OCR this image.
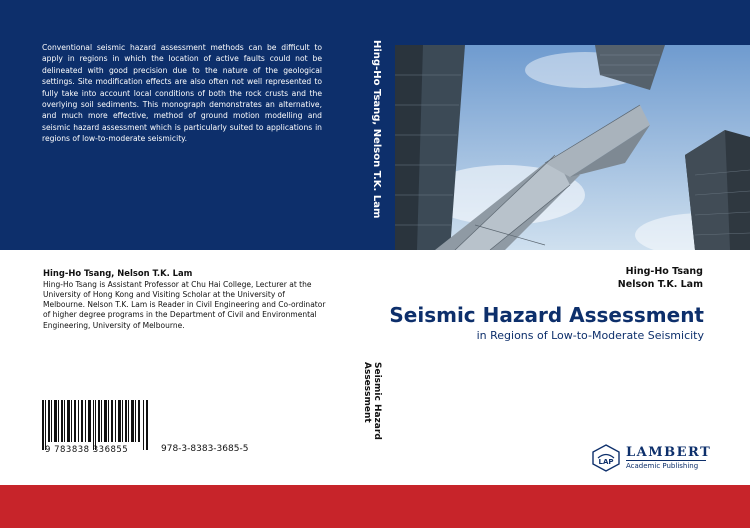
Conventional seismic hazard assessment methods can be difficult to apply in regions in which the location of active faults could not be delineated with good precision due to the nature of the geological settings. Site modification effects are also often not well represented to fully take into account local conditions of both the rock crusts and the overlying soil sediments. This monograph demonstrates an alternative, and much more effective, method of ground motion modelling and seismic hazard assessment which is particularly suited to applications in regions of low-to-moderate seismicity.	Hing-Ho Tsang, Nelson T.K. Lam
Hing-Ho Tsang, Nelson T.K. Lam
Hing-Ho Tsang is Assistant Professor at Chu Hai College, Lecturer at the University of Hong Kong and Visiting Scholar at the University of Melbourne. Nelson T.K. Lam is Reader in Civil Engineering and Co-ordinator of higher degree programs in the Department of Civil and Environmental Engineering, University of Melbourne.
9 783838 336855	978-3-8383-3685-5
Seismic Hazard Assessment
Hing-Ho Tsang
Nelson T.K. Lam
Seismic Hazard Assessment
in Regions of Low-to-Moderate Seismicity
LAP
LAMBERT
Academic Publishing
